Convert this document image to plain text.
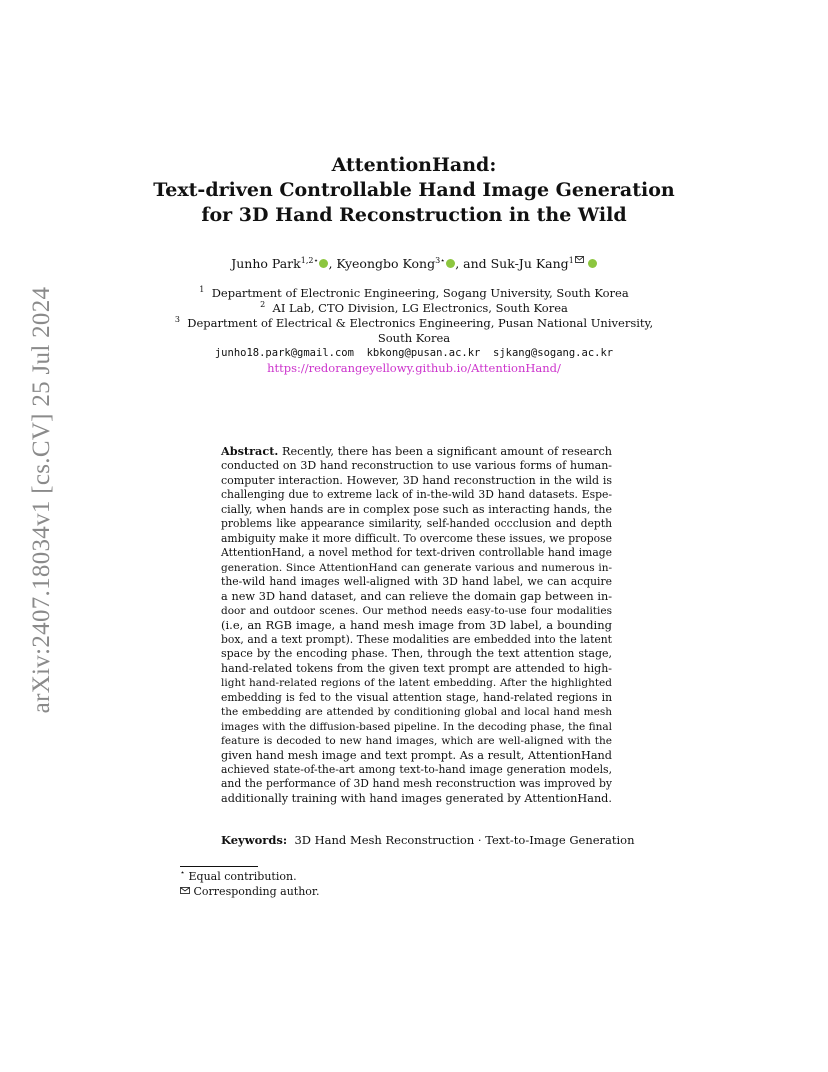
arXiv:2407.18034v1 [cs.CV] 25 Jul 2024
AttentionHand:
Text-driven Controllable Hand Image Generation
for 3D Hand Reconstruction in the Wild
Junho Park$^{1,2⋆}$ , Kyeongbo Kong$^{3⋆}$ , and Suk-Ju Kang$^1$
$^1$ Department of Electronic Engineering, Sogang University, South Korea
$^2$ AI Lab, CTO Division, LG Electronics, South Korea
$^3$ Department of Electrical & Electronics Engineering, Pusan National University,
South Korea
junho18.park@gmail.com  kbkong@pusan.ac.kr  sjkang@sogang.ac.kr
https://redorangeyellowy.github.io/AttentionHand/
Abstract. Recently, there has been a significant amount of research
conducted on 3D hand reconstruction to use various forms of human-
computer interaction. However, 3D hand reconstruction in the wild is
challenging due to extreme lack of in-the-wild 3D hand datasets. Espe-
cially, when hands are in complex pose such as interacting hands, the
problems like appearance similarity, self-handed occclusion and depth
ambiguity make it more difficult. To overcome these issues, we propose
AttentionHand, a novel method for text-driven controllable hand image
generation. Since AttentionHand can generate various and numerous in-
the-wild hand images well-aligned with 3D hand label, we can acquire
a new 3D hand dataset, and can relieve the domain gap between in-
door and outdoor scenes. Our method needs easy-to-use four modalities
(i.e, an RGB image, a hand mesh image from 3D label, a bounding
box, and a text prompt). These modalities are embedded into the latent
space by the encoding phase. Then, through the text attention stage,
hand-related tokens from the given text prompt are attended to high-
light hand-related regions of the latent embedding. After the highlighted
embedding is fed to the visual attention stage, hand-related regions in
the embedding are attended by conditioning global and local hand mesh
images with the diffusion-based pipeline. In the decoding phase, the final
feature is decoded to new hand images, which are well-aligned with the
given hand mesh image and text prompt. As a result, AttentionHand
achieved state-of-the-art among text-to-hand image generation models,
and the performance of 3D hand mesh reconstruction was improved by
additionally training with hand images generated by AttentionHand.
Keywords: 3D Hand Mesh Reconstruction · Text-to-Image Generation
⋆ Equal contribution.
Corresponding author.
